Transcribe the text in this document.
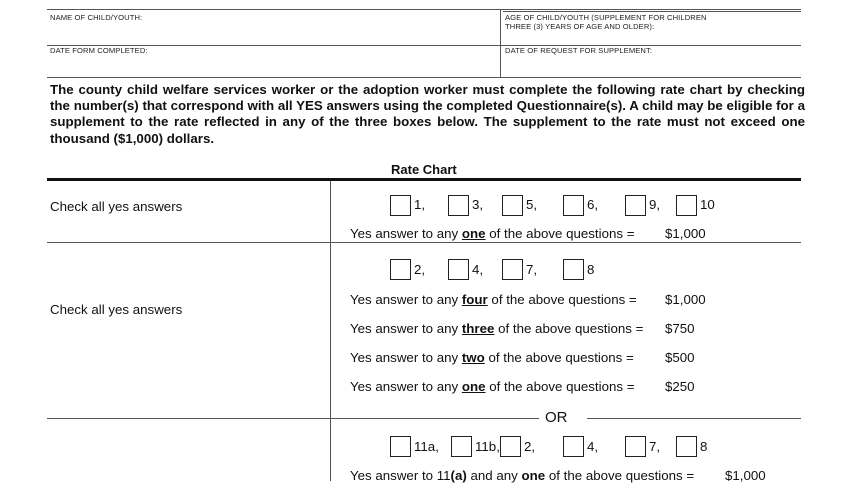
NAME OF CHILD/YOUTH:	AGE OF CHILD/YOUTH (SUPPLEMENT FOR CHILDREN
THREE (3) YEARS OF AGE AND OLDER):
DATE FORM COMPLETED:	DATE OF REQUEST FOR SUPPLEMENT:
The county child welfare services worker or the adoption worker must complete the following rate chart by checking the number(s) that correspond with all YES answers using the completed Questionnaire(s). A child may be eligible for a supplement to the rate reflected in any of the three boxes below. The supplement to the rate must not exceed one thousand ($1,000) dollars.
Rate Chart
OR
Check all yes answers	1,	3,	5,	6,	9,	10
Yes answer to any one of the above questions = $1,000
Check all yes answers
2,	4,	7,	8
Yes answer to any four of the above questions = $1,000
Yes answer to any three of the above questions = $750
Yes answer to any two of the above questions = $500
Yes answer to any one of the above questions = $250
11a,	11b, 2,	4,	7,	8
Yes answer to 11(a) and any one of the above questions = $1,000
